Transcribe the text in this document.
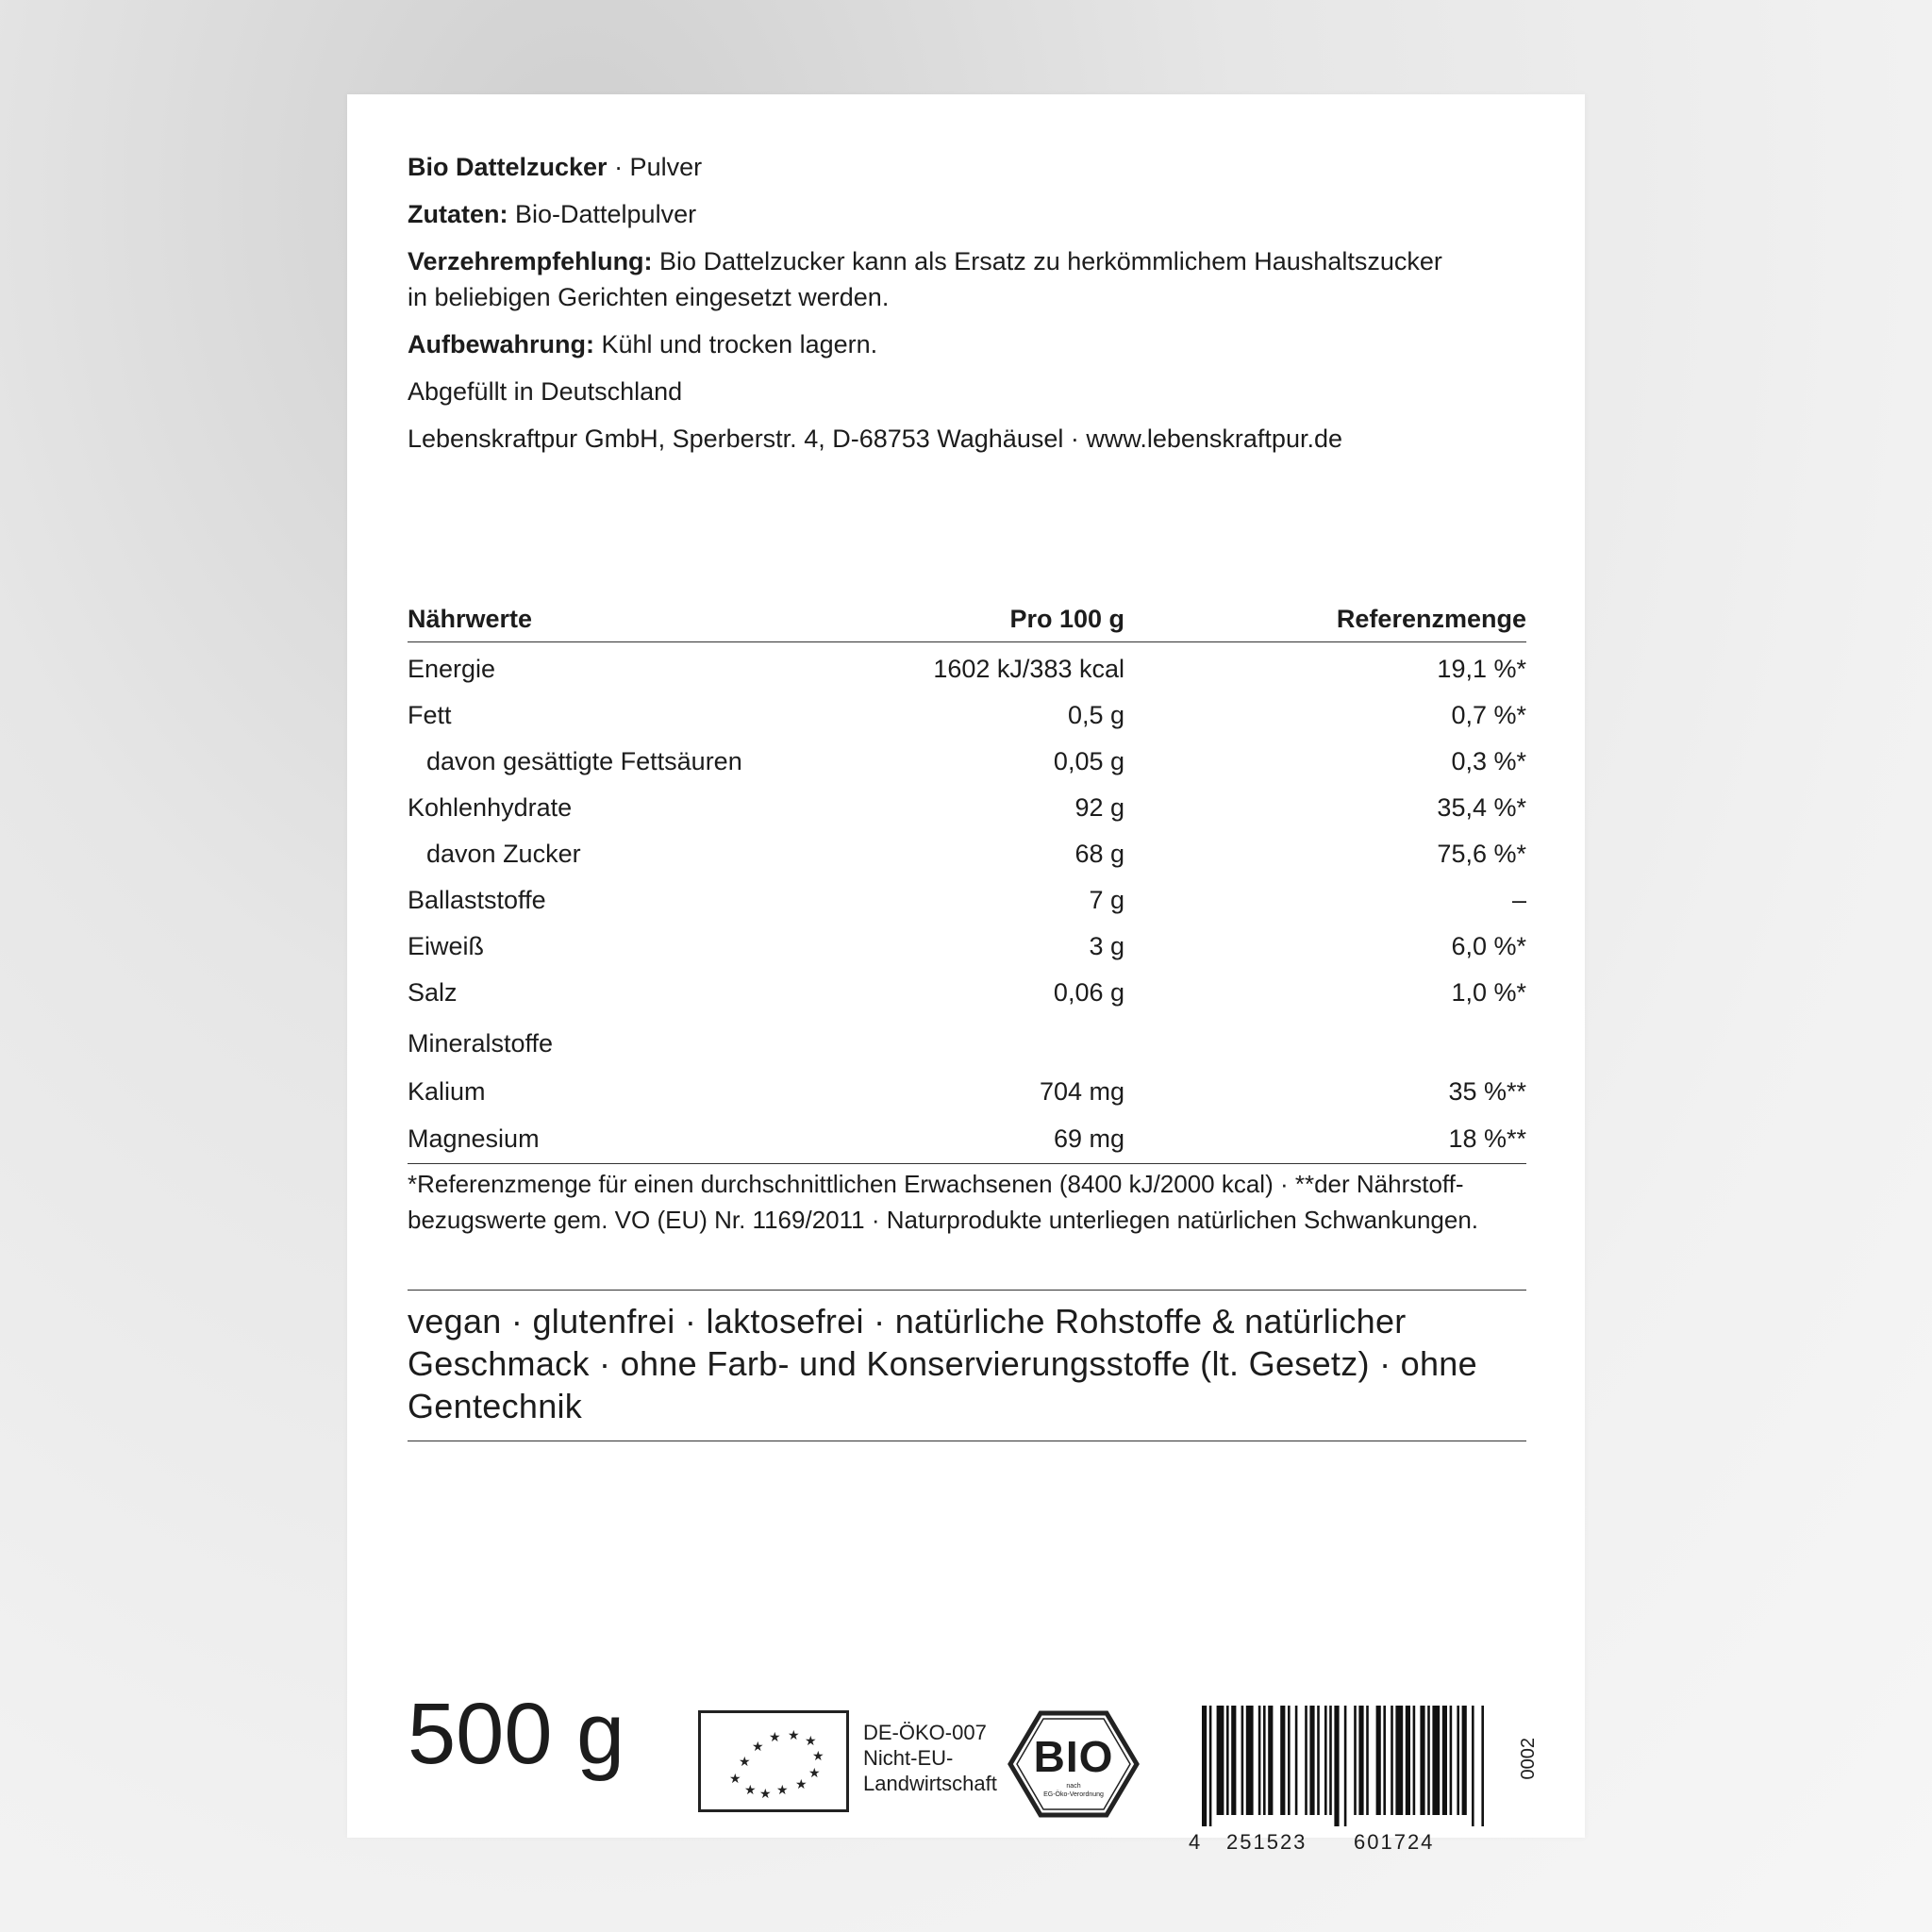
Bio Dattelzucker · Pulver

Zutaten: Bio-Dattelpulver

Verzehrempfehlung: Bio Dattelzucker kann als Ersatz zu herkömmlichem Haushaltszucker in beliebigen Gerichten eingesetzt werden.

Aufbewahrung: Kühl und trocken lagern.

Abgefüllt in Deutschland

Lebenskraftpur GmbH, Sperberstr. 4, D-68753 Waghäusel · www.lebenskraftpur.de

Nährwerte	Pro 100 g	Referenzmenge
Energie	1602 kJ/383 kcal	19,1 %*
Fett	0,5 g	0,7 %*
davon gesättigte Fettsäuren	0,05 g	0,3 %*
Kohlenhydrate	92 g	35,4 %*
davon Zucker	68 g	75,6 %*
Ballaststoffe	7 g	–
Eiweiß	3 g	6,0 %*
Salz	0,06 g	1,0 %*
Mineralstoffe
Kalium	704 mg	35 %**
Magnesium	69 mg	18 %**
*Referenzmenge für einen durchschnittlichen Erwachsenen (8400 kJ/2000 kcal) · **der Nährstoff-bezugswerte gem. VO (EU) Nr. 1169/2011 · Naturprodukte unterliegen natürlichen Schwankungen.
vegan · glutenfrei · laktosefrei · natürliche Rohstoffe & natürlicher Geschmack · ohne Farb- und Konservierungsstoffe (lt. Gesetz) · ohne Gentechnik
500 g	★
★ ★
★
★
★
★
★	★
★ ★
★
DE-ÖKO-007
Nicht-EU-
Landwirtschaft
BIO
nach
EG-Öko-Verordnung
4 251523 601724
0002
